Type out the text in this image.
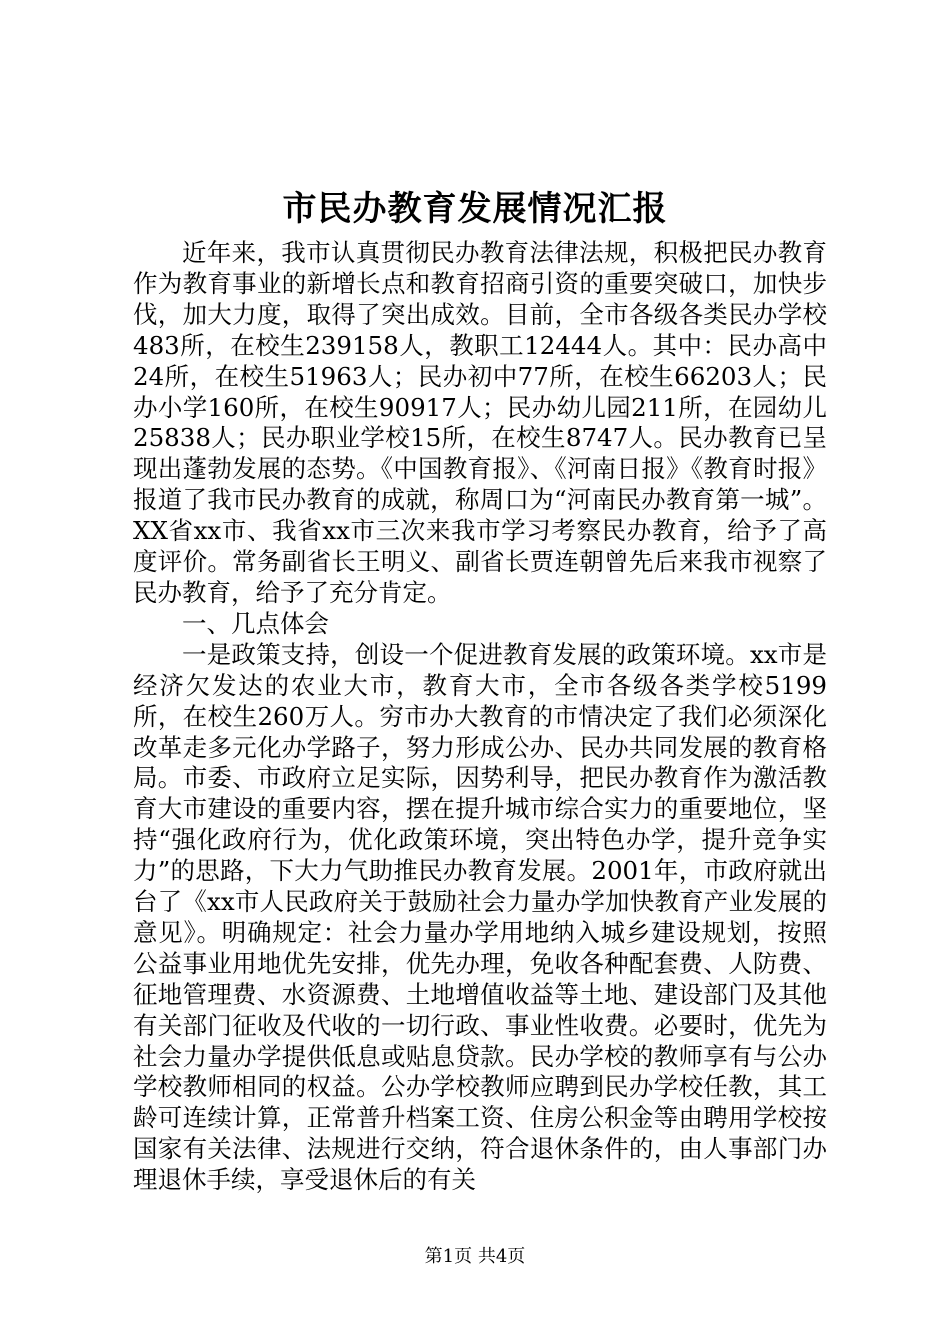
市民办教育发展情况汇报

近年来，我市认真贯彻民办教育法律法规，积极把民办教育作为教育事业的新增长点和教育招商引资的重要突破口，加快步伐，加大力度，取得了突出成效。目前，全市各级各类民办学校483所，在校生239158人，教职工12444人。其中：民办高中24所，在校生51963人；民办初中77所，在校生66203人；民办小学160所，在校生90917人；民办幼儿园211所，在园幼儿25838人；民办职业学校15所，在校生8747人。民办教育已呈现出蓬勃发展的态势。《中国教育报》、《河南日报》《教育时报》报道了我市民办教育的成就，称周口为“河南民办教育第一城”。XX省xx市、我省xx市三次来我市学习考察民办教育，给予了高度评价。常务副省长王明义、副省长贾连朝曾先后来我市视察了民办教育，给予了充分肯定。

一、几点体会

一是政策支持，创设一个促进教育发展的政策环境。xx市是经济欠发达的农业大市，教育大市，全市各级各类学校5199所，在校生260万人。穷市办大教育的市情决定了我们必须深化改革走多元化办学路子，努力形成公办、民办共同发展的教育格局。市委、市政府立足实际，因势利导，把民办教育作为激活教育大市建设的重要内容，摆在提升城市综合实力的重要地位，坚持“强化政府行为，优化政策环境，突出特色办学，提升竞争实力”的思路，下大力气助推民办教育发展。2001年，市政府就出台了《xx市人民政府关于鼓励社会力量办学加快教育产业发展的意见》。明确规定：社会力量办学用地纳入城乡建设规划，按照公益事业用地优先安排，优先办理，免收各种配套费、人防费、征地管理费、水资源费、土地增值收益等土地、建设部门及其他有关部门征收及代收的一切行政、事业性收费。必要时，优先为社会力量办学提供低息或贴息贷款。民办学校的教师享有与公办学校教师相同的权益。公办学校教师应聘到民办学校任教，其工龄可连续计算，正常普升档案工资、住房公积金等由聘用学校按国家有关法律、法规进行交纳，符合退休条件的，由人事部门办理退休手续，享受退休后的有关

第1页 共4页
